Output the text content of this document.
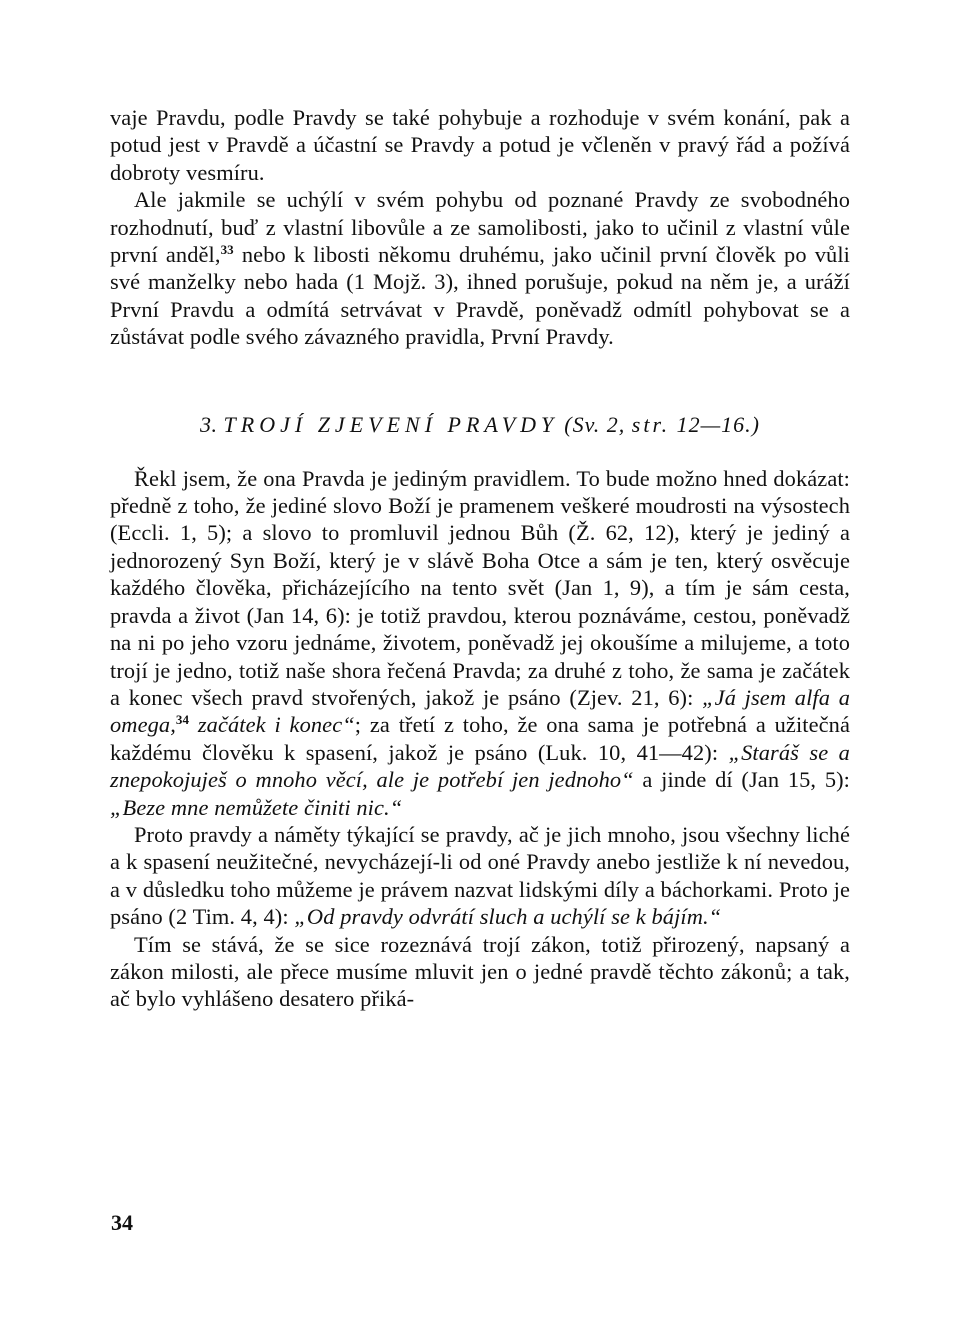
vaje Pravdu, podle Pravdy se také pohybuje a rozhoduje v svém konání, pak a potud jest v Pravdě a účastní se Pravdy a potud je včleněn v pravý řád a požívá dobroty vesmíru.

Ale jakmile se uchýlí v svém pohybu od poznané Pravdy ze svobodného rozhodnutí, buď z vlastní libovůle a ze samolibosti, jako to učinil z vlastní vůle první anděl,$^{33}$ nebo k libosti někomu druhému, jako učinil první člověk po vůli své manželky nebo hada (1 Mojž. 3), ihned porušuje, pokud na něm je, a uráží První Pravdu a odmítá setrvávat v Pravdě, poněvadž odmítl pohybovat se a zůstávat podle svého závazného pravidla, První Pravdy.

3. TROJÍ ZJEVENÍ PRAVDY (Sv. 2, str. 12—16.)

Řekl jsem, že ona Pravda je jediným pravidlem. To bude možno hned dokázat: předně z toho, že jediné slovo Boží je pramenem veškeré moudrosti na výsostech (Eccli. 1, 5); a slovo to promluvil jednou Bůh (Ž. 62, 12), který je jediný a jednorozený Syn Boží, který je v slávě Boha Otce a sám je ten, který osvěcuje každého člověka, přicházejícího na tento svět (Jan 1, 9), a tím je sám cesta, pravda a život (Jan 14, 6): je totiž pravdou, kterou poznáváme, cestou, poněvadž na ni po jeho vzoru jednáme, životem, poněvadž jej okoušíme a milujeme, a toto trojí je jedno, totiž naše shora řečená Pravda; za druhé z toho, že sama je začátek a konec všech pravd stvořených, jakož je psáno (Zjev. 21, 6): „Já jsem alfa a omega,$^{34}$ začátek i konec“; za třetí z toho, že ona sama je potřebná a užitečná každému člověku k spasení, jakož je psáno (Luk. 10, 41—42): „Staráš se a znepokojuješ o mnoho věcí, ale je potřebí jen jednoho“ a jinde dí (Jan 15, 5): „Beze mne nemůžete činiti nic.“

Proto pravdy a náměty týkající se pravdy, ač je jich mnoho, jsou všechny liché a k spasení neužitečné, nevycházejí-li od oné Pravdy anebo jestliže k ní nevedou, a v důsledku toho můžeme je právem nazvat lidskými díly a báchorkami. Proto je psáno (2 Tim. 4, 4): „Od pravdy odvrátí sluch a uchýlí se k bájím.“

Tím se stává, že se sice rozeznává trojí zákon, totiž přirozený, napsaný a zákon milosti, ale přece musíme mluvit jen o jedné pravdě těchto zákonů; a tak, ač bylo vyhlášeno desatero přiká-

34
